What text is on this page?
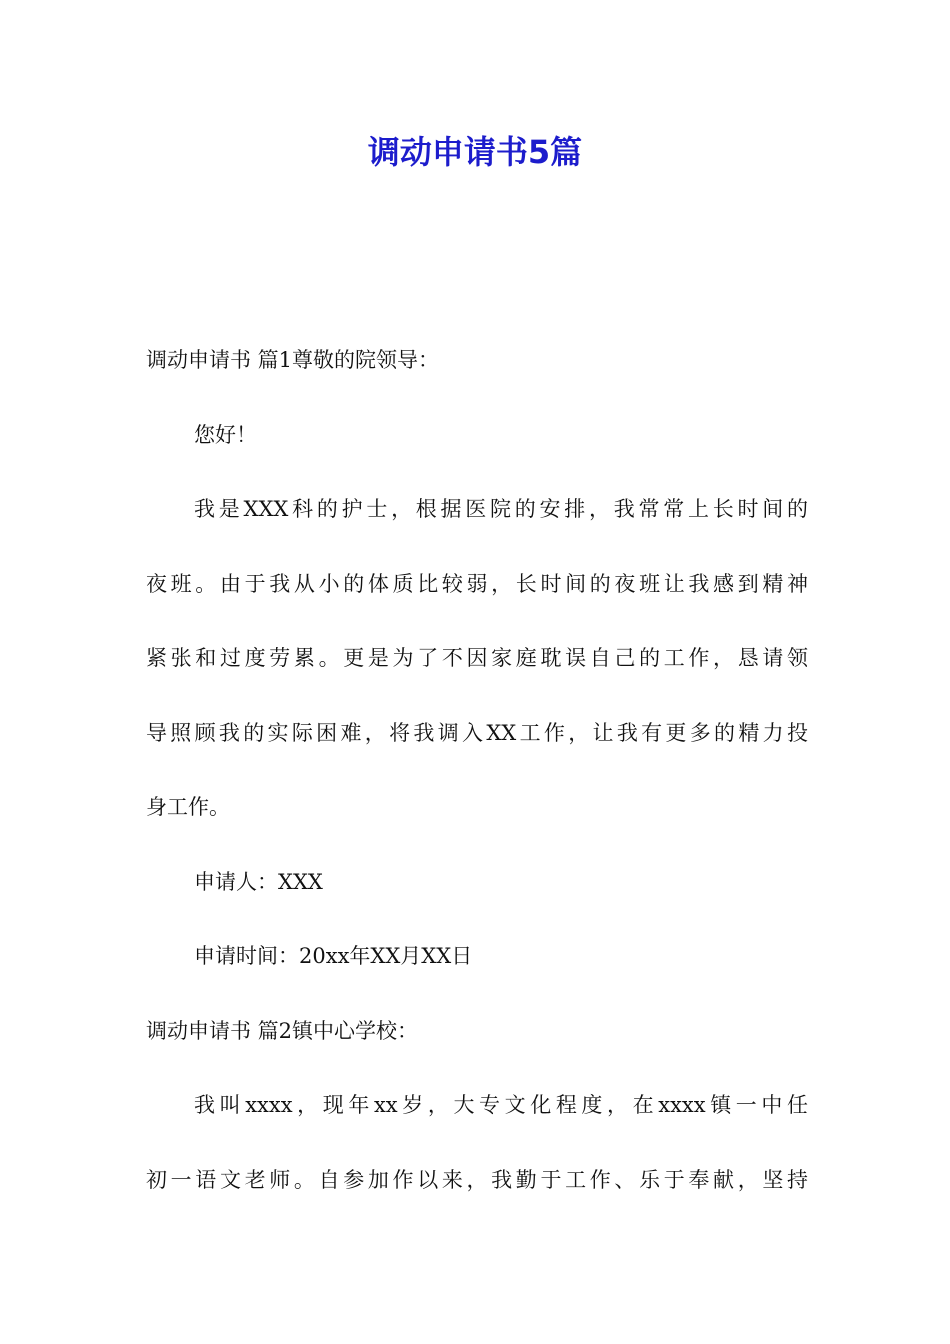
调动申请书5篇
调动申请书 篇1尊敬的院领导：
您好！
我是XXX科的护士，根据医院的安排，我常常上长时间的
夜班。由于我从小的体质比较弱，长时间的夜班让我感到精神
紧张和过度劳累。更是为了不因家庭耽误自己的工作，恳请领
导照顾我的实际困难，将我调入XX工作，让我有更多的精力投
身工作。
申请人：XXX
申请时间：20xx年XX月XX日
调动申请书 篇2镇中心学校：
我叫xxxx，现年xx岁，大专文化程度，在xxxx镇一中任
初一语文老师。自参加作以来，我勤于工作、乐于奉献，坚持
